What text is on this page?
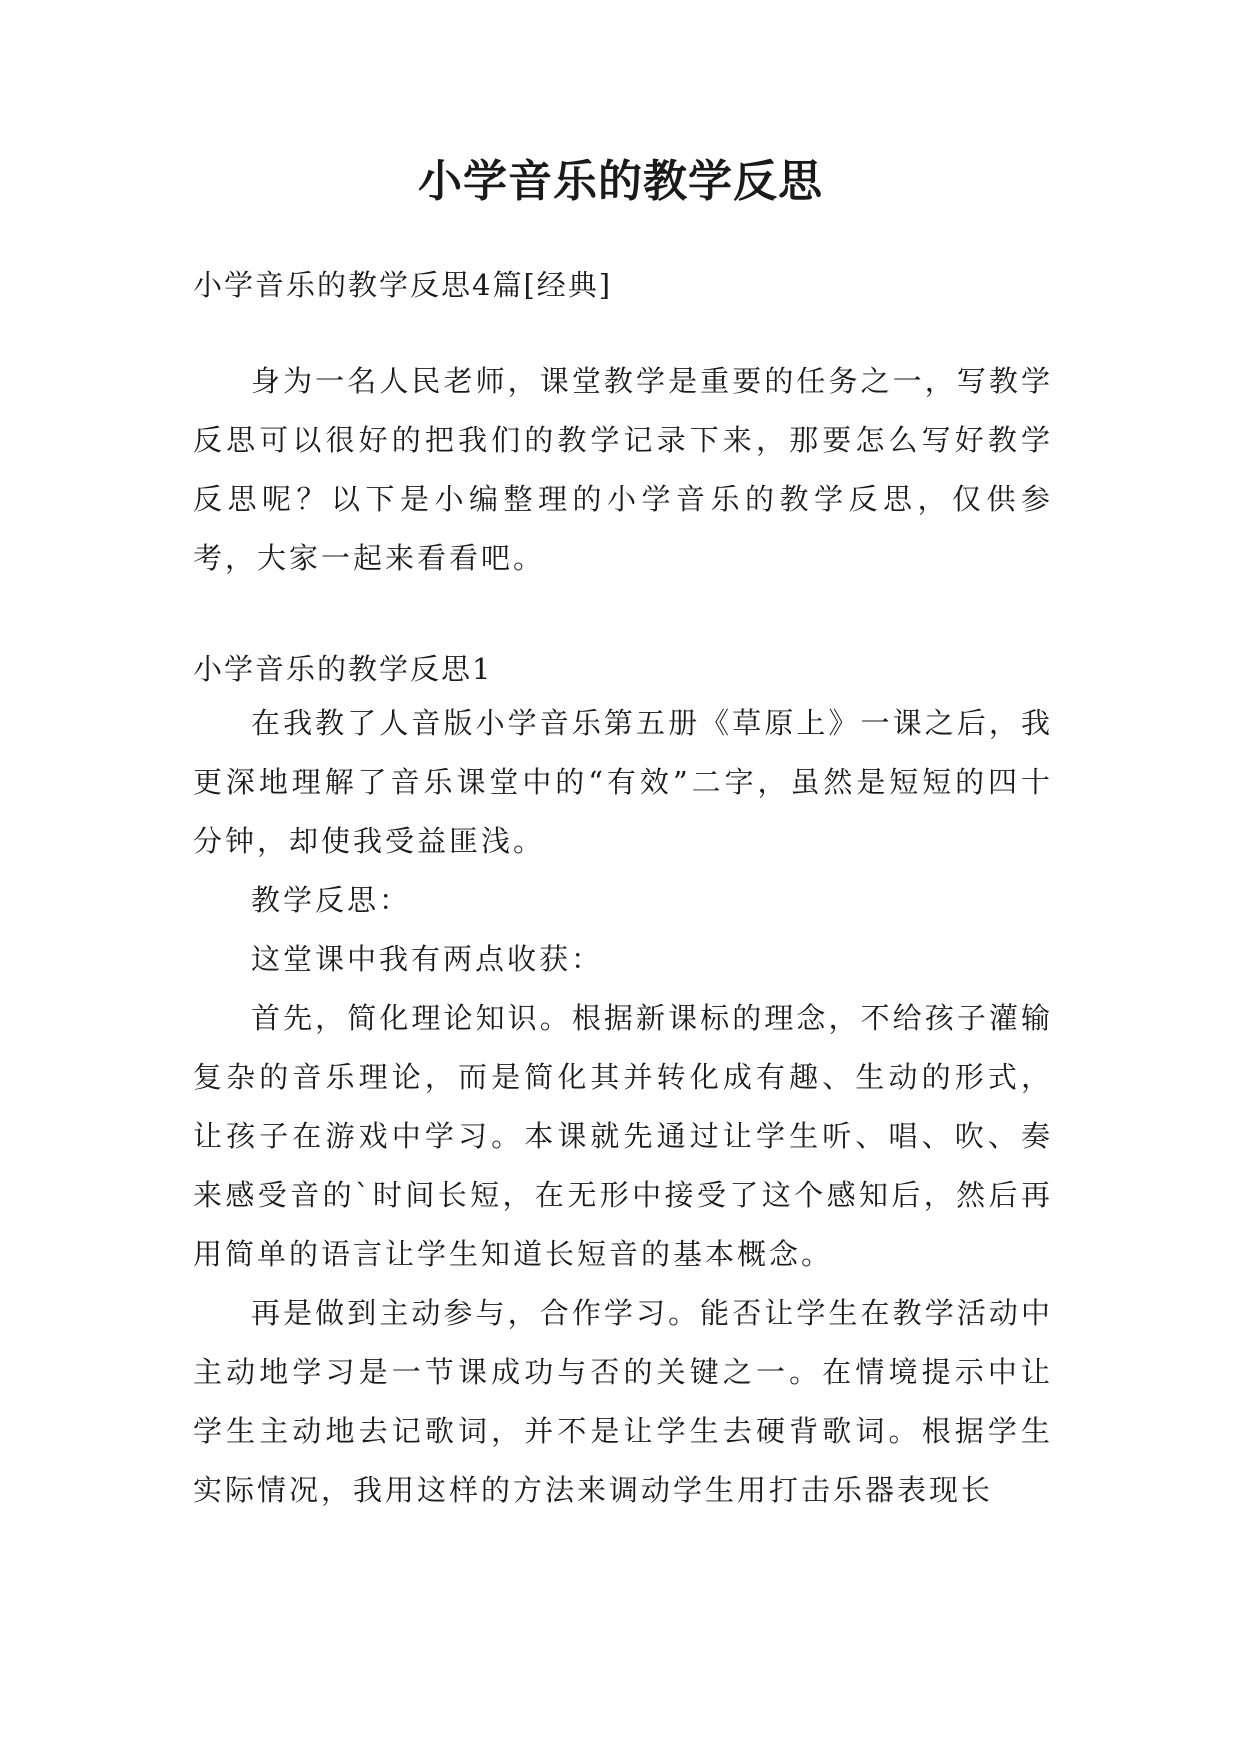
小学音乐的教学反思

小学音乐的教学反思4篇[经典]

身为一名人民老师，课堂教学是重要的任务之一，写教学反思可以很好的把我们的教学记录下来，那要怎么写好教学反思呢？以下是小编整理的小学音乐的教学反思，仅供参考，大家一起来看看吧。

小学音乐的教学反思1

在我教了人音版小学音乐第五册《草原上》一课之后，我更深地理解了音乐课堂中的“有效”二字，虽然是短短的四十分钟，却使我受益匪浅。

教学反思：

这堂课中我有两点收获：

首先，简化理论知识。根据新课标的理念，不给孩子灌输复杂的音乐理论，而是简化其并转化成有趣、生动的形式，让孩子在游戏中学习。本课就先通过让学生听、唱、吹、奏来感受音的`时间长短，在无形中接受了这个感知后，然后再用简单的语言让学生知道长短音的基本概念。

再是做到主动参与，合作学习。能否让学生在教学活动中主动地学习是一节课成功与否的关键之一。在情境提示中让学生主动地去记歌词，并不是让学生去硬背歌词。根据学生实际情况，我用这样的方法来调动学生用打击乐器表现长
